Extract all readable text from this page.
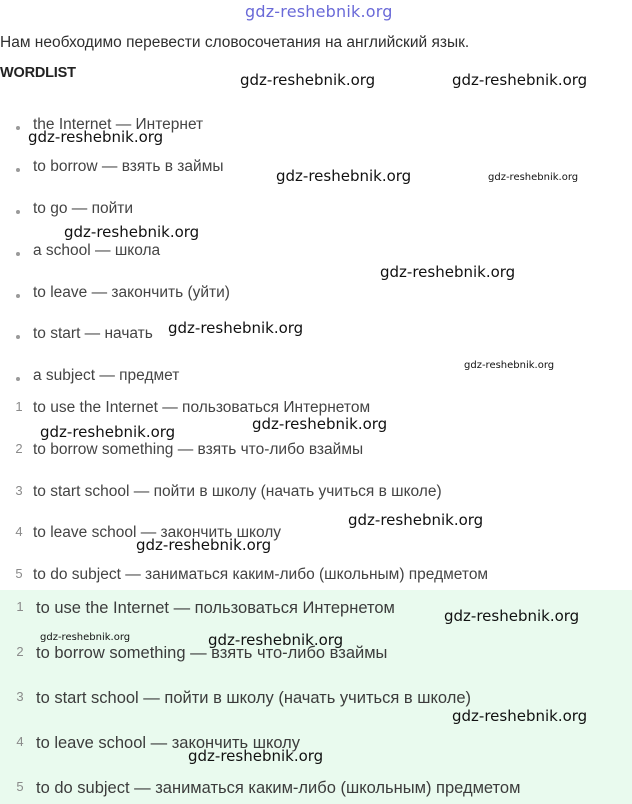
gdz-reshebnik.org
Нам необходимо перевести словосочетания на английский язык.
WORDLIST
the Internet — Интернет
to borrow — взять в займы
to go — пойти
a school — школа
to leave — закончить (уйти)
to start — начать
a subject — предмет
1 to use the Internet — пользоваться Интернетом
2 to borrow something — взять что-либо взаймы
3 to start school — пойти в школу (начать учиться в школе)
4 to leave school — закончить школу
5 to do subject — заниматься каким-либо (школьным) предметом
1 to use the Internet — пользоваться Интернетом
2 to borrow something — взять что-либо взаймы
3 to start school — пойти в школу (начать учиться в школе)
4 to leave school — закончить школу
5 to do subject — заниматься каким-либо (школьным) предметом
gdz-reshebnik.org	gdz-reshebnik.org
gdz-reshebnik.org
gdz-reshebnik.org	gdz-reshebnik.org
gdz-reshebnik.org
gdz-reshebnik.org
gdz-reshebnik.org
gdz-reshebnik.org
gdz-reshebnik.org
gdz-reshebnik.org
gdz-reshebnik.org
gdz-reshebnik.org
gdz-reshebnik.org
gdz-reshebnik.org	gdz-reshebnik.org
gdz-reshebnik.org
gdz-reshebnik.org
